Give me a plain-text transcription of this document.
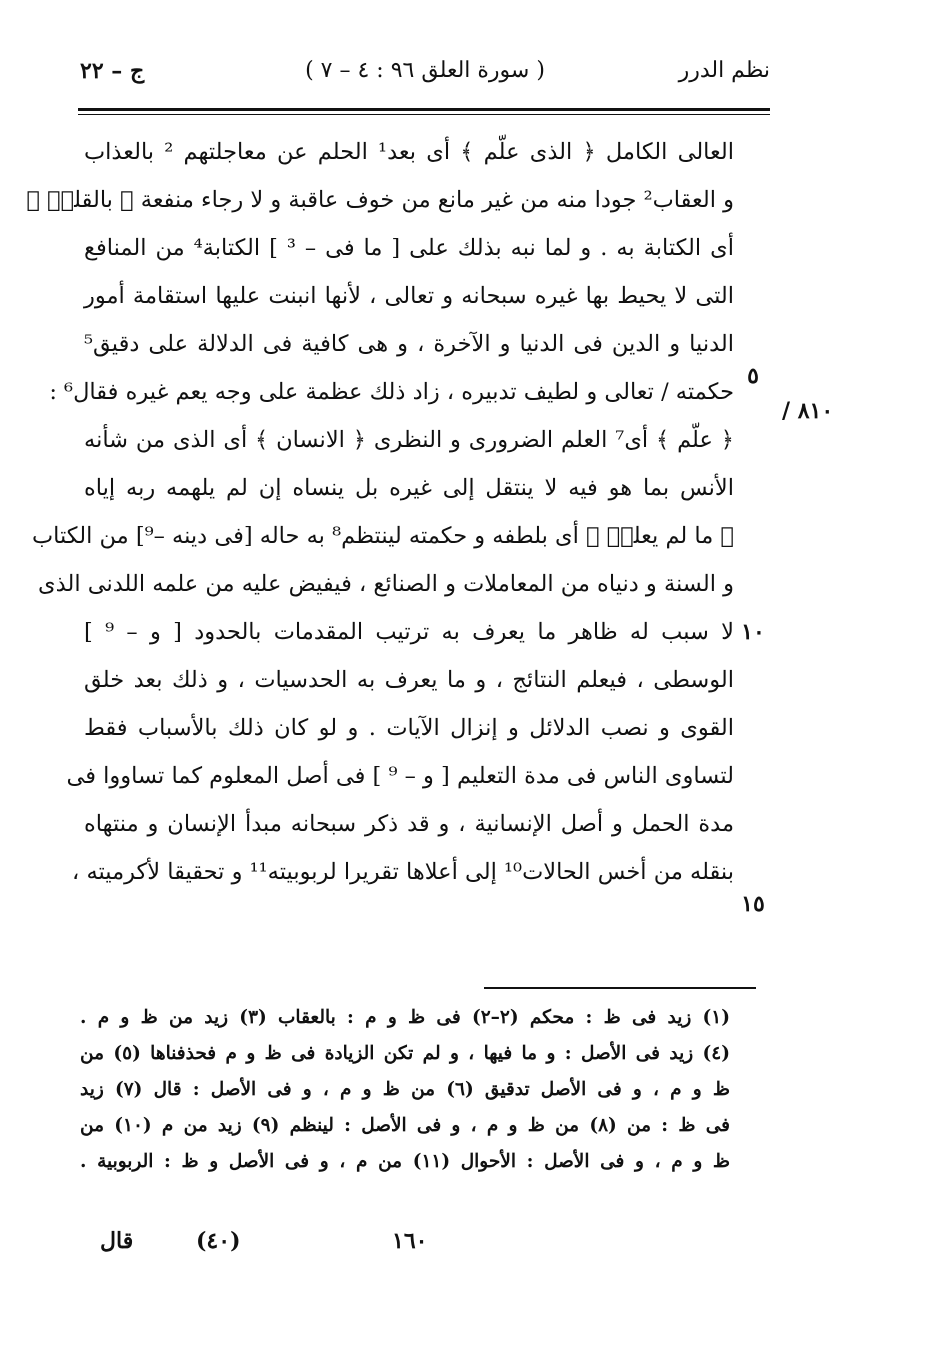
نظم الدرر
( سورة العلق ٩٦ : ٤ – ٧ )
ج – ٢٢
العالى الكامل ﴿ الذى علّم ﴾ أى بعد¹ الحلم عن معاجلتهم ² بالعذاب
و العقاب² جودا منه من غير مانع من خوف عاقبة و لا رجاء منفعة ﴿ بالقلمۙ ﴾
أى الكتابة به . و لما نبه بذلك على [ ما فى – ³ ] الكتابة⁴ من المنافع
التى لا يحيط بها غيره سبحانه و تعالى ، لأنها انبنت عليها استقامة أمور
الدنيا و الدين فى الدنيا و الآخرة ، و هى كافية فى الدلالة على دقيق⁵
حكمته / تعالى و لطيف تدبيره ، زاد ذلك عظمة على وجه يعم غيره فقال⁶ :
﴿ علّم ﴾ أى⁷ العلم الضرورى و النظرى ﴿ الانسان ﴾ أى الذى من شأنه
الأنس بما هو فيه لا ينتقل إلى غيره بل ينساه إن لم يلهمه ربه إياه
﴿ ما لم يعلمۗ ﴾ أى بلطفه و حكمته لينتظم⁸ به حاله [فى دينه –⁹] من الكتاب
و السنة و دنياه من المعاملات و الصنائع ، فيفيض عليه من علمه اللدنى الذى
لا سبب له ظاهر ما يعرف به ترتيب المقدمات بالحدود [ و – ⁹ ]
الوسطى ، فيعلم النتائج ، و ما يعرف به الحدسيات ، و ذلك بعد خلق
القوى و نصب الدلائل و إنزال الآيات . و لو كان ذلك بالأسباب فقط
لتساوى الناس فى مدة التعليم [ و – ⁹ ] فى أصل المعلوم كما تساووا فى
مدة الحمل و أصل الإنسانية ، و قد ذكر سبحانه مبدأ الإنسان و منتهاه
بنقله من أخس الحالات¹⁰ إلى أعلاها تقريرا لربوبيته¹¹ و تحقيقا لأكرميته ،
٥
١٠
١٥
٨١٠ /
(١) زيد فى ظ : محكم (٢–٢) فى ظ و م : بالعقاب (٣) زيد من ظ و م .
(٤) زيد فى الأصل : و ما فيها ، و لم تكن الزيادة فى ظ و م فحذفناها (٥) من
ظ و م ، و فى الأصل تدقيق (٦) من ظ و م ، و فى الأصل : قال (٧) زيد
فى ظ : من (٨) من ظ و م ، و فى الأصل : لينظم (٩) زيد من م (١٠) من
ظ و م ، و فى الأصل : الأحوال (١١) من م ، و فى الأصل و ظ : الربوبية .
١٦٠
(٤٠)
قال
